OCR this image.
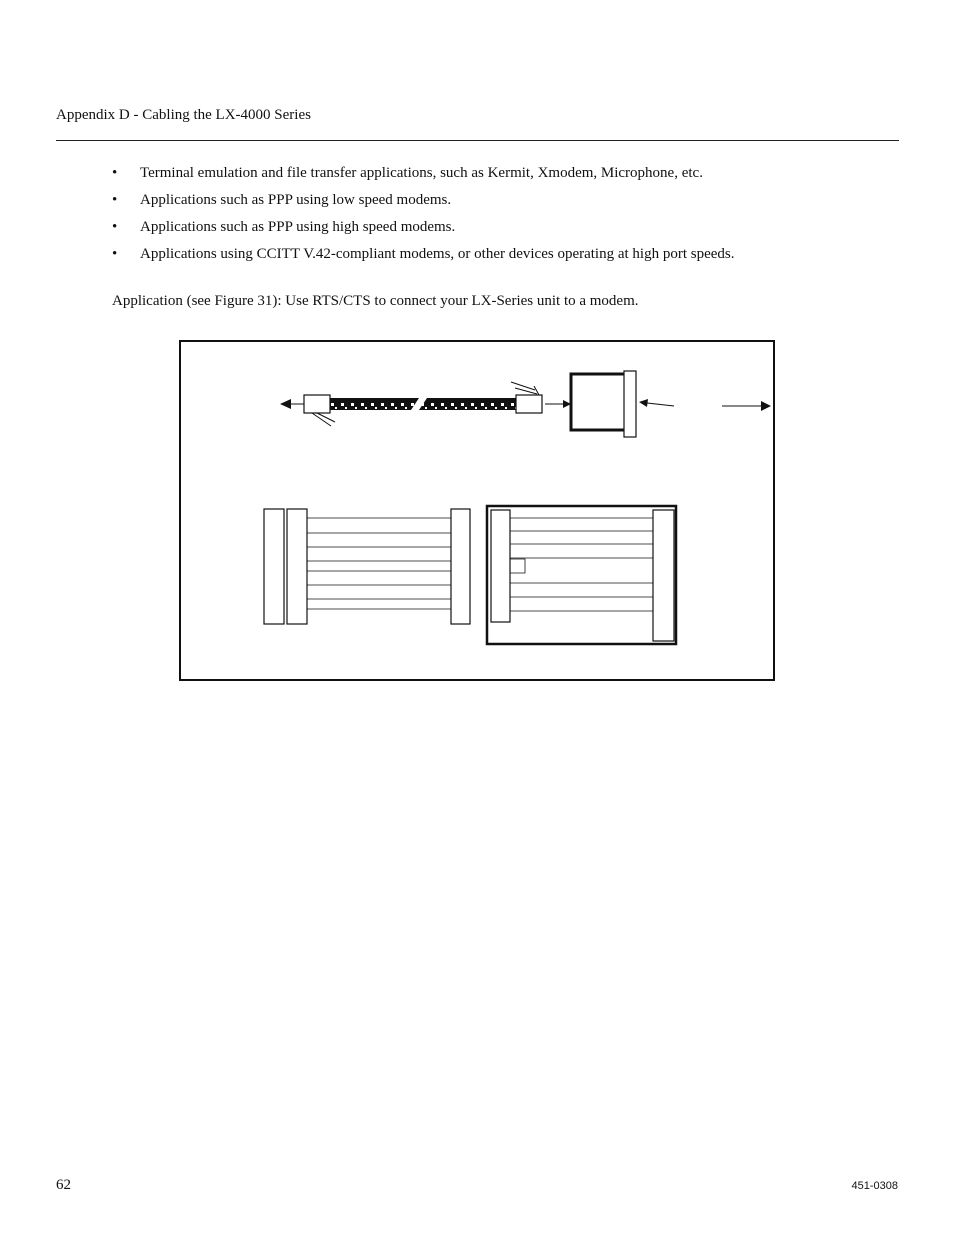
Appendix D - Cabling the LX-4000 Series
• Terminal emulation and file transfer applications, such as Kermit, Xmodem, Microphone, etc.
• Applications such as PPP using low speed modems.
• Applications such as PPP using high speed modems.
• Applications using CCITT V.42-compliant modems, or other devices operating at high port speeds.
Application (see Figure 31): Use RTS/CTS to connect your LX-Series unit to a modem.
62	451-0308
